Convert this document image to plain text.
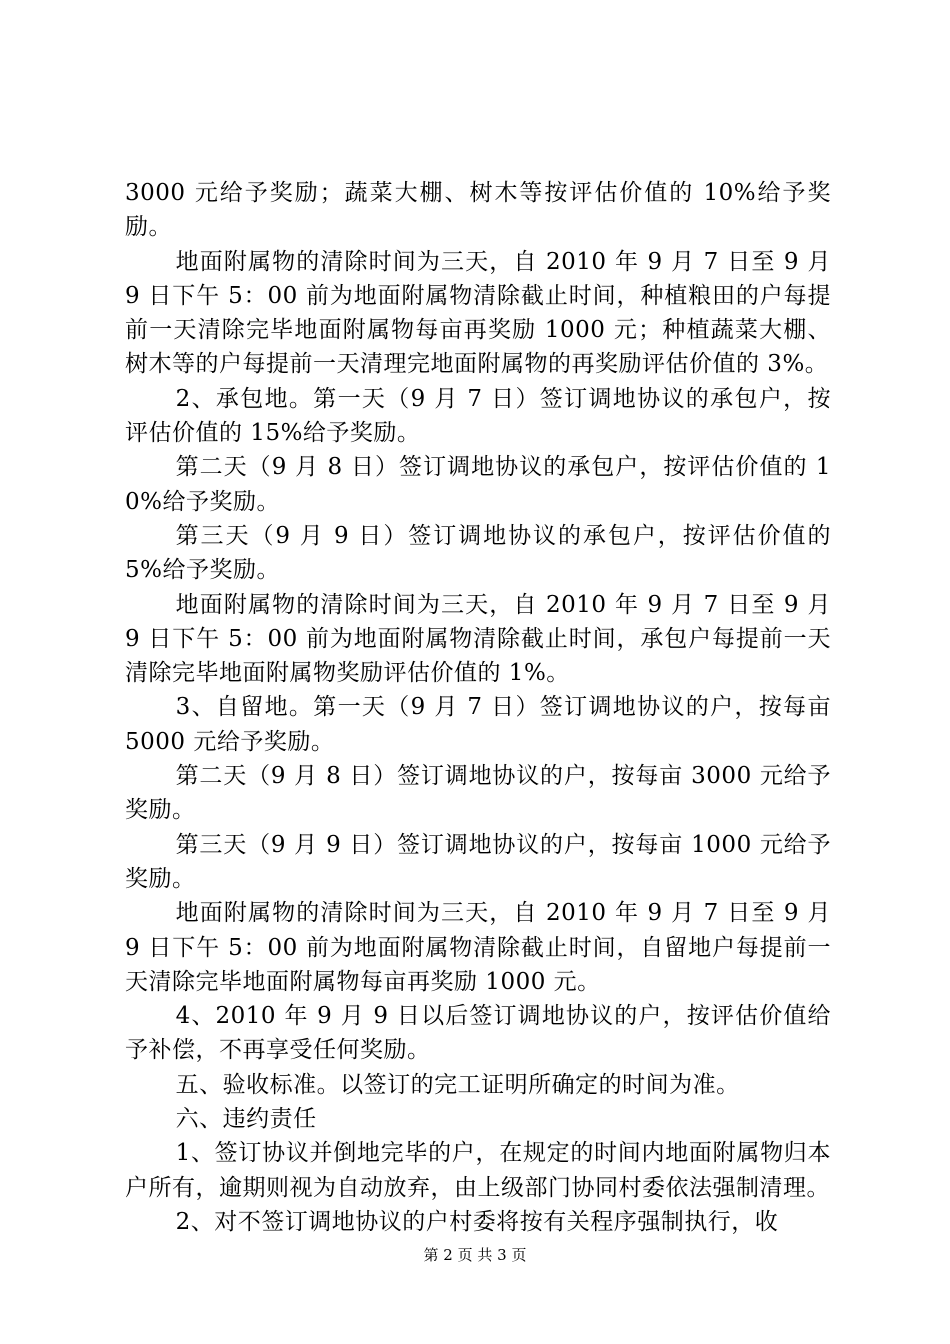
3000 元给予奖励；蔬菜大棚、树木等按评估价值的 10%给予奖励。

地面附属物的清除时间为三天，自 2010 年 9 月 7 日至 9 月 9 日下午 5：00 前为地面附属物清除截止时间，种植粮田的户每提前一天清除完毕地面附属物每亩再奖励 1000 元；种植蔬菜大棚、树木等的户每提前一天清理完地面附属物的再奖励评估价值的 3%。

2、承包地。第一天（9 月 7 日）签订调地协议的承包户，按评估价值的 15%给予奖励。

第二天（9 月 8 日）签订调地协议的承包户，按评估价值的 10%给予奖励。

第三天（9 月 9 日）签订调地协议的承包户，按评估价值的 5%给予奖励。

地面附属物的清除时间为三天，自 2010 年 9 月 7 日至 9 月 9 日下午 5：00 前为地面附属物清除截止时间，承包户每提前一天清除完毕地面附属物奖励评估价值的 1%。

3、自留地。第一天（9 月 7 日）签订调地协议的户，按每亩 5000 元给予奖励。

第二天（9 月 8 日）签订调地协议的户，按每亩 3000 元给予奖励。

第三天（9 月 9 日）签订调地协议的户，按每亩 1000 元给予奖励。

地面附属物的清除时间为三天，自 2010 年 9 月 7 日至 9 月 9 日下午 5：00 前为地面附属物清除截止时间，自留地户每提前一天清除完毕地面附属物每亩再奖励 1000 元。

4、2010 年 9 月 9 日以后签订调地协议的户，按评估价值给予补偿，不再享受任何奖励。

五、验收标准。以签订的完工证明所确定的时间为准。

六、违约责任

1、签订协议并倒地完毕的户，在规定的时间内地面附属物归本户所有，逾期则视为自动放弃，由上级部门协同村委依法强制清理。

2、对不签订调地协议的户村委将按有关程序强制执行，收

第 2 页 共 3 页
